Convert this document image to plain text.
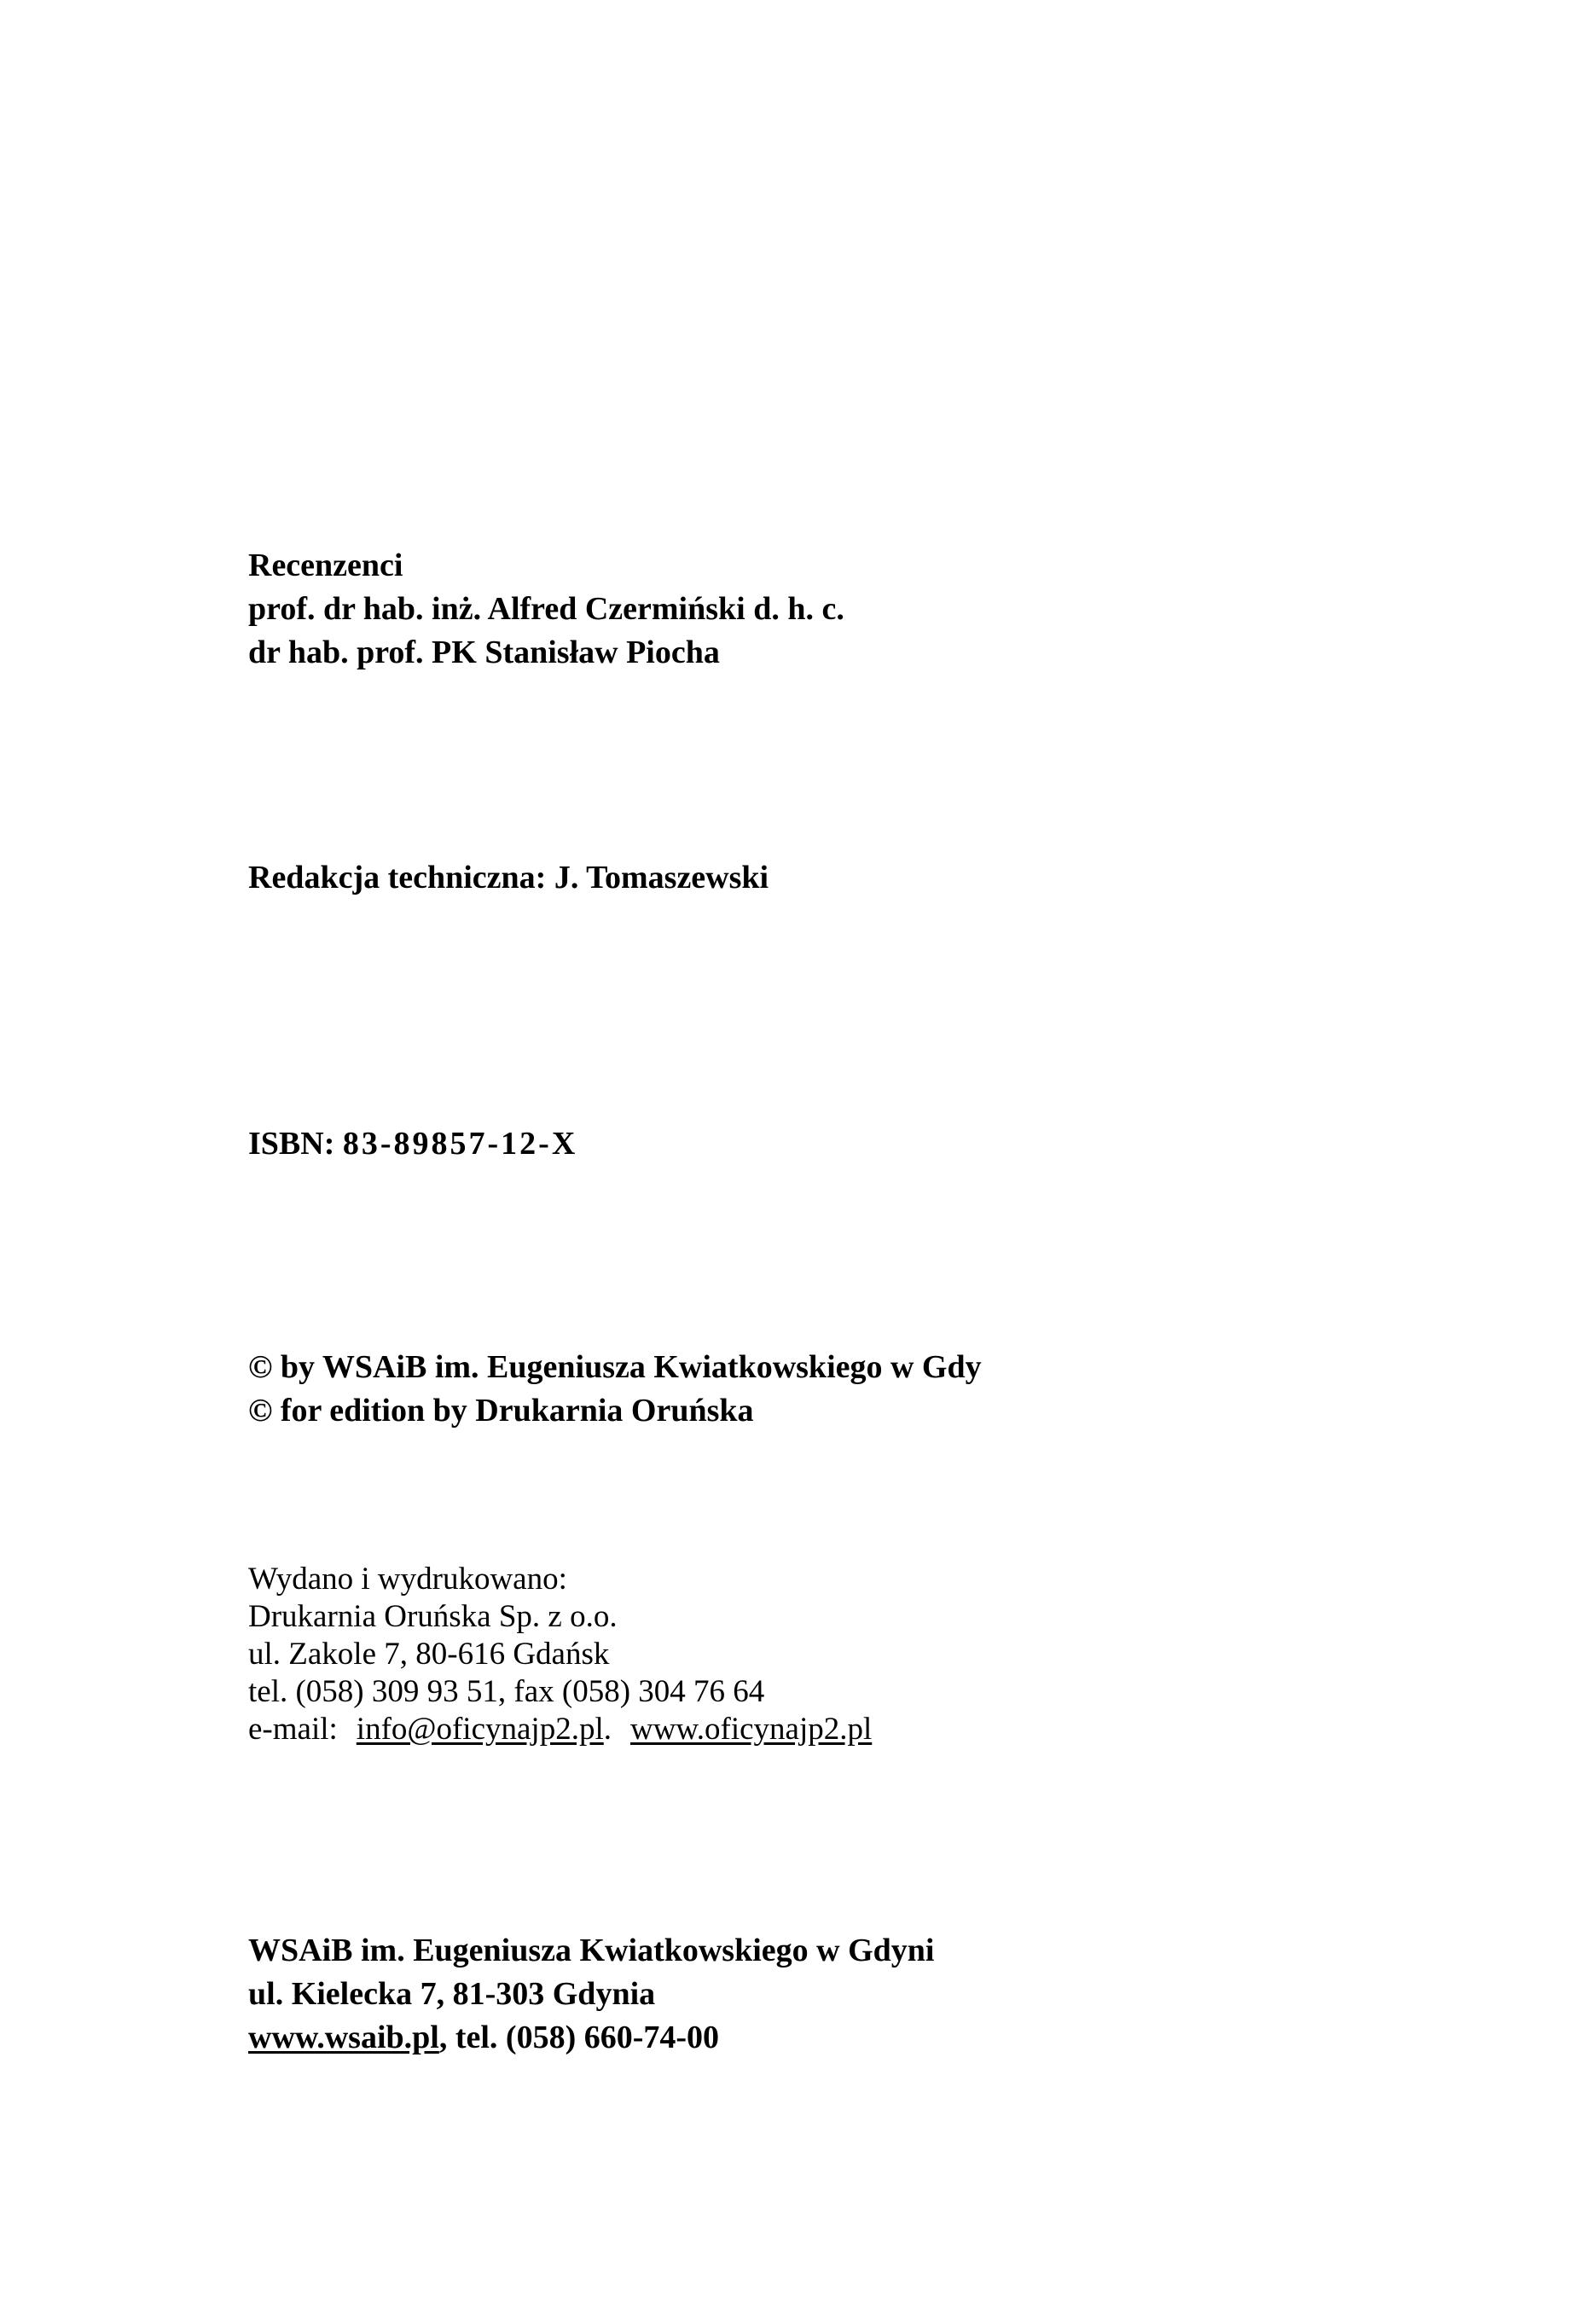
Recenzenci
prof. dr hab. inż. Alfred Czermiński d. h. c.
dr hab. prof. PK Stanisław Piocha
Redakcja techniczna: J. Tomaszewski
ISBN: 83-89857-12-X
© by WSAiB im. Eugeniusza Kwiatkowskiego w Gdy
© for edition by Drukarnia Oruńska
Wydano i wydrukowano:
Drukarnia Oruńska Sp. z o.o.
ul. Zakole 7, 80-616 Gdańsk
tel. (058) 309 93 51, fax (058) 304 76 64
e-mail: info@oficynajp2.pl. www.oficynajp2.pl
WSAiB im. Eugeniusza Kwiatkowskiego w Gdyni
ul. Kielecka 7, 81-303 Gdynia
www.wsaib.pl, tel. (058) 660-74-00
